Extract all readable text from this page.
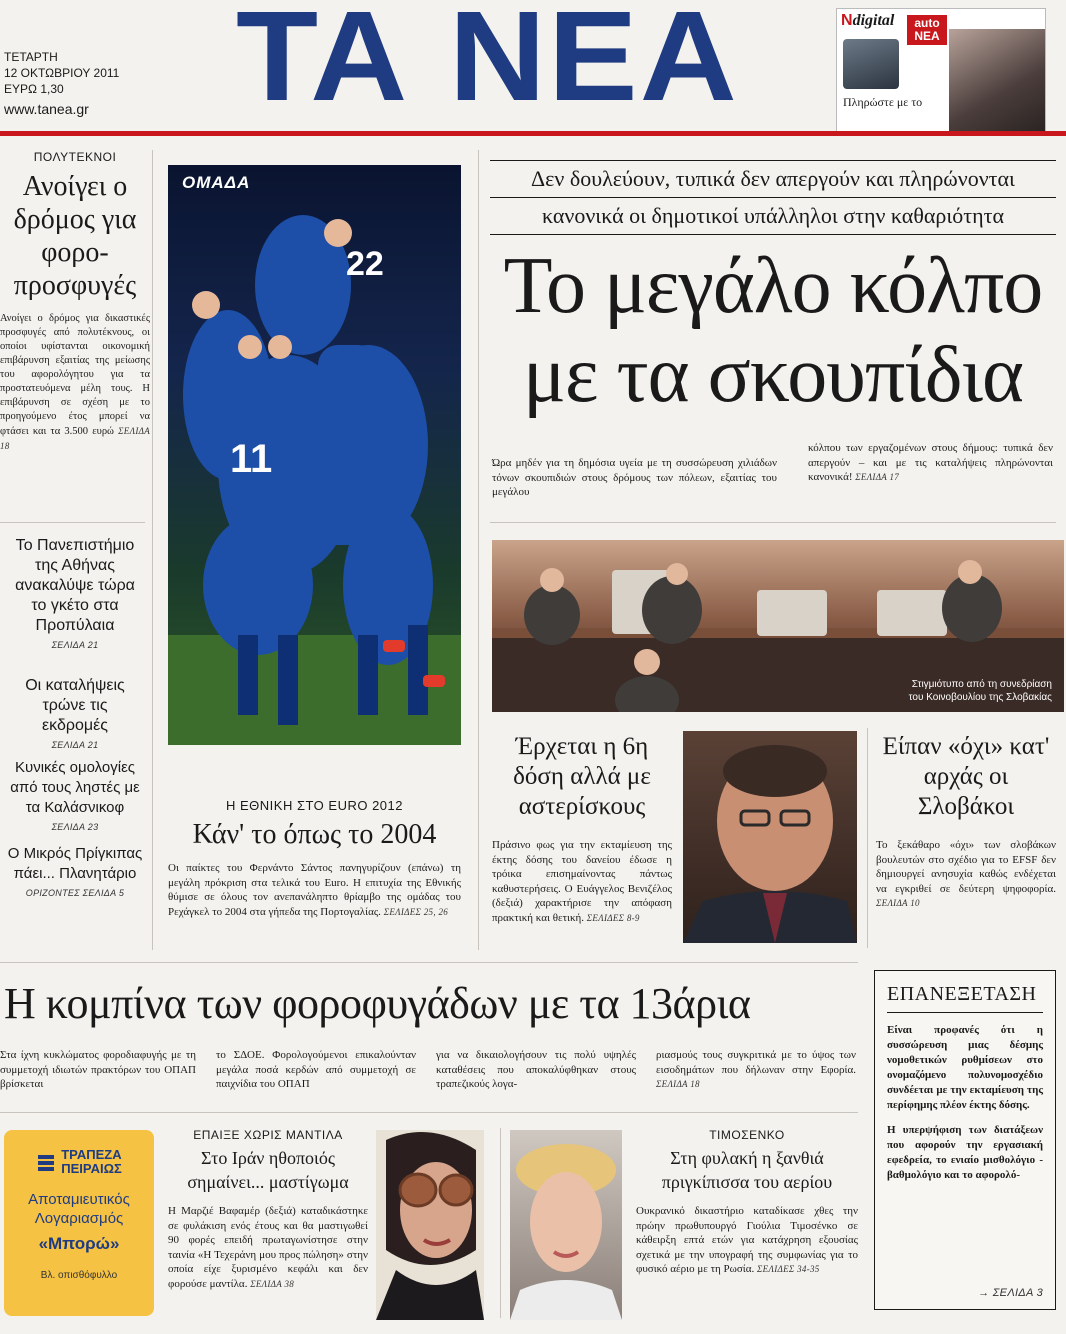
ΤΕΤΑΡΤΗ
12 ΟΚΤΩΒΡΙΟΥ 2011
ΕΥΡΩ 1,30
www.tanea.gr ΤΑ ΝΕΑ	Ndigital	auto
ΝΕΑ
Πληρώστε με το
ΠΟΛΥΤΕΚΝΟΙ
Ανοίγει ο δρόμος για φορο-προσφυγές
Ανοίγει ο δρόμος για δικαστικές προσφυγές από πολυτέκνους, οι οποίοι υφίστανται οικονομική επιβάρυνση εξαιτίας της μείωσης του αφορολόγητου για τα προστατευόμενα μέλη τους. Η επιβάρυνση σε σχέση με το προηγούμενο έτος μπορεί να φτάσει και τα 3.500 ευρώ ΣΕΛΙΔΑ 18
Το Πανεπιστήμιο της Αθήνας ανακαλύψε τώρα το γκέτο στα Προπύλαια
ΣΕΛΙΔΑ 21
Οι καταλήψεις τρώνε τις εκδρομές
ΣΕΛΙΔΑ 21
Κυνικές ομολογίες από τους ληστές με τα Καλάσνικοφ
ΣΕΛΙΔΑ 23
Ο Μικρός Πρίγκιπας πάει... Πλανητάριο
ΟΡΙΖΟΝΤΕΣ ΣΕΛΙΔΑ 5
ΟΜΑΔΑ
22
11
Η ΕΘΝΙΚΗ ΣΤΟ EURO 2012
Κάν' το όπως το 2004
Οι παίκτες του Φερνάντο Σάντος πανηγυρίζουν (επάνω) τη μεγάλη πρόκριση στα τελικά του Euro. Η επιτυχία της Εθνικής θύμισε σε όλους τον ανεπανάληπτο θρίαμβο της ομάδας του Ρεχάγκελ το 2004 στα γήπεδα της Πορτογαλίας. ΣΕΛΙΔΕΣ 25, 26
Δεν δουλεύουν, τυπικά δεν απεργούν και πληρώνονται
κανονικά οι δημοτικοί υπάλληλοι στην καθαριότητα
Το μεγάλο κόλπο
με τα σκουπίδια
Ώρα μηδέν για τη δημόσια υγεία με τη συσσώρευση χιλιάδων τόνων σκουπιδιών στους δρόμους των πόλεων, εξαιτίας του μεγάλου
κόλπου των εργαζομένων στους δήμους: τυπικά δεν απεργούν – και με τις καταλήψεις πληρώνονται κανονικά! ΣΕΛΙΔΑ 17
Στιγμιότυπο από τη συνεδρίαση
του Κοινοβουλίου της Σλοβακίας
Έρχεται η 6η δόση αλλά με αστερίσκους
Πράσινο φως για την εκταμίευση της έκτης δόσης του δανείου έδωσε η τρόικα επισημαίνοντας πάντως καθυστερήσεις. Ο Ευάγγελος Βενιζέλος (δεξιά) χαρακτήρισε την απόφαση πρακτική και θετική. ΣΕΛΙΔΕΣ 8-9
Είπαν «όχι» κατ' αρχάς οι Σλοβάκοι
Το ξεκάθαρο «όχι» των σλοβάκων βουλευτών στο σχέδιο για το EFSF δεν δημιουργεί ανησυχία καθώς ενδέχεται να εγκριθεί σε δεύτερη ψηφοφορία. ΣΕΛΙΔΑ 10
Η κομπίνα των φοροφυγάδων με τα 13άρια
Στα ίχνη κυκλώματος φοροδιαφυγής με τη συμμετοχή ιδιωτών πρακτόρων του ΟΠΑΠ βρίσκεται
το ΣΔΟΕ. Φορολογούμενοι επικαλούνταν μεγάλα ποσά κερδών από συμμετοχή σε παιχνίδια του ΟΠΑΠ
για να δικαιολογήσουν τις πολύ υψηλές καταθέσεις που αποκαλύφθηκαν στους τραπεζικούς λογα-
ριασμούς τους συγκριτικά με το ύψος των εισοδημάτων που δήλωναν στην Εφορία. ΣΕΛΙΔΑ 18
ΕΠΑΝΕΞΕΤΑΣΗ
Είναι προφανές ότι η συσσώρευση μιας δέσμης νομοθετικών ρυθμίσεων στο ονομαζόμενο πολυνομοσχέδιο συνδέεται με την εκταμίευση της περίφημης πλέον έκτης δόσης.
Η υπερψήφιση των διατάξεων που αφορούν την εργασιακή εφεδρεία, το ενιαίο μισθολόγιο - βαθμολόγιο και το αφορολό-
→ ΣΕΛΙΔΑ 3
ΤΡΑΠΕΖΑ
ΠΕΙΡΑΙΩΣ
Αποταμιευτικός
Λογαριασμός
«Μπορώ»
Βλ. οπισθόφυλλο
ΕΠΑΙΞΕ ΧΩΡΙΣ ΜΑΝΤΙΛΑ
Στο Ιράν ηθοποιός σημαίνει... μαστίγωμα
Η Μαρζιέ Βαφαμέρ (δεξιά) καταδικάστηκε σε φυλάκιση ενός έτους και θα μαστιγωθεί 90 φορές επειδή πρωταγωνίστησε στην ταινία «Η Τεχεράνη μου προς πώληση» στην οποία είχε ξυρισμένο κεφάλι και δεν φορούσε μαντίλα. ΣΕΛΙΔΑ 38
ΤΙΜΟΣΕΝΚΟ
Στη φυλακή η ξανθιά πριγκίπισσα του αερίου
Ουκρανικό δικαστήριο καταδίκασε χθες την πρώην πρωθυπουργό Γιούλια Τιμοσένκο σε κάθειρξη επτά ετών για κατάχρηση εξουσίας σχετικά με την υπογραφή της συμφωνίας για το φυσικό αέριο με τη Ρωσία. ΣΕΛΙΔΕΣ 34-35
